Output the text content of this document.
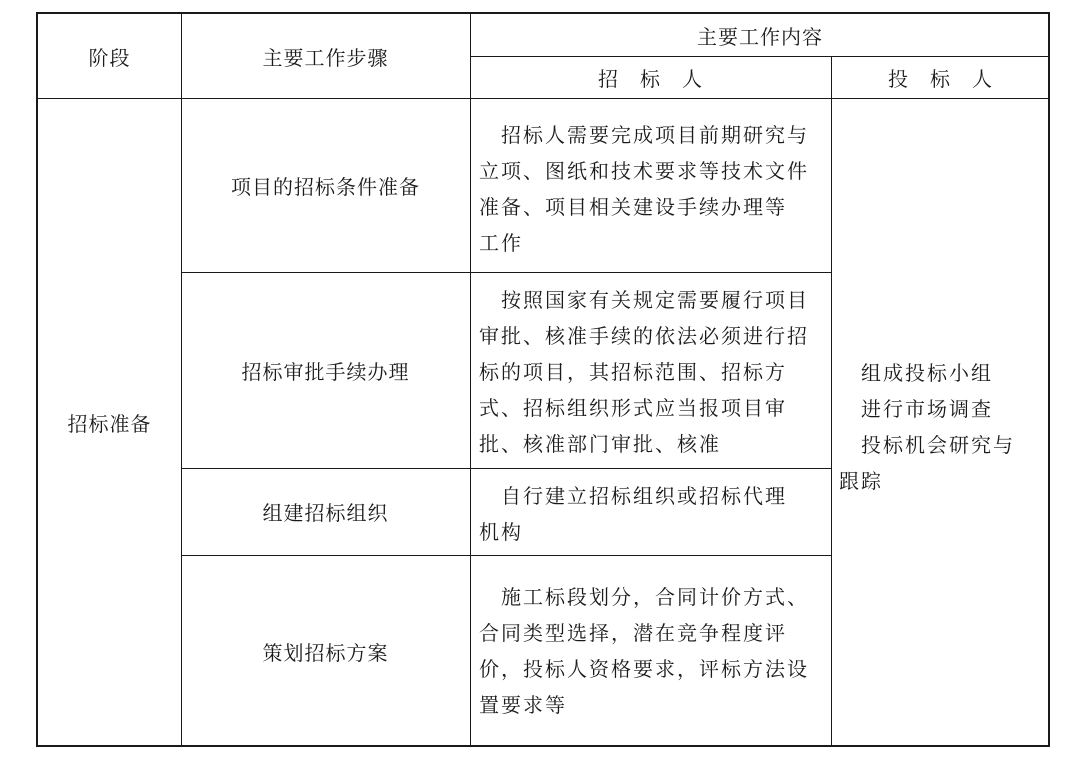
阶段	主要工作步骤
主要工作内容
招　标　人	投　标　人
招标准备
项目的招标条件准备
招标审批手续办理
组建招标组织
策划招标方案

　招标人需要完成项目前期研究与

立项、图纸和技术要求等技术文件

准备、项目相关建设手续办理等

工作

　按照国家有关规定需要履行项目

审批、核准手续的依法必须进行招

标的项目，其招标范围、招标方

式、招标组织形式应当报项目审

批、核准部门审批、核准

　自行建立招标组织或招标代理

机构

　施工标段划分，合同计价方式、

合同类型选择，潜在竞争程度评

价，投标人资格要求，评标方法设

置要求等

　组成投标小组

　进行市场调查

　投标机会研究与

跟踪
